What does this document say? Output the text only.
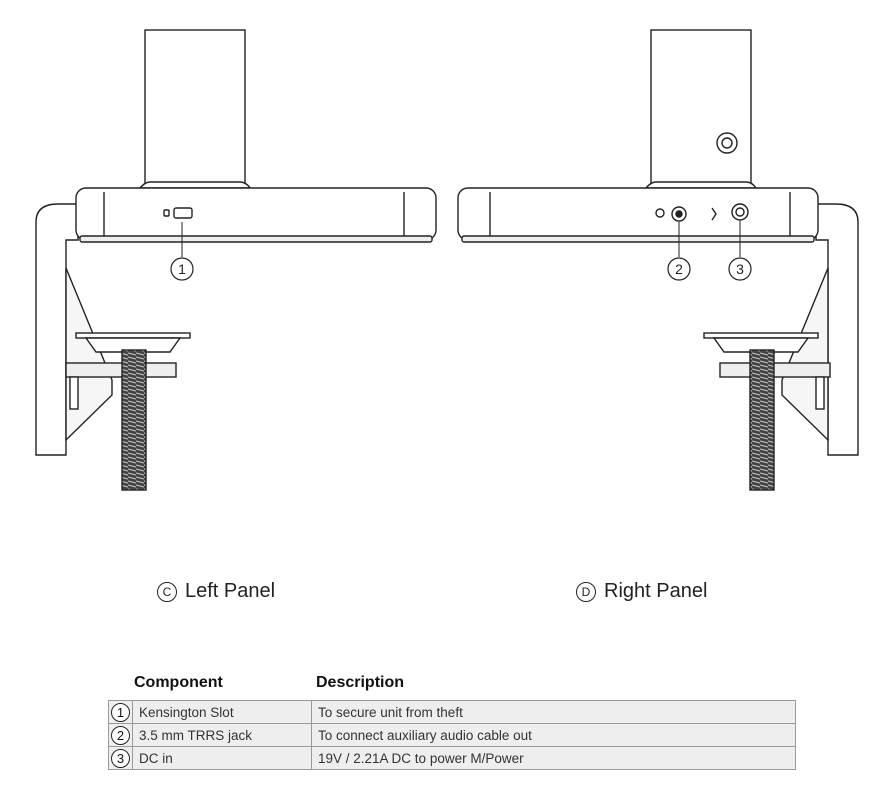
1	2	3
C Left Panel	D Right Panel
Component	Description
1	Kensington Slot	To secure unit from theft
2	3.5 mm TRRS jack	To connect auxiliary audio cable out
3	DC in	19V / 2.21A DC to power M/Power
